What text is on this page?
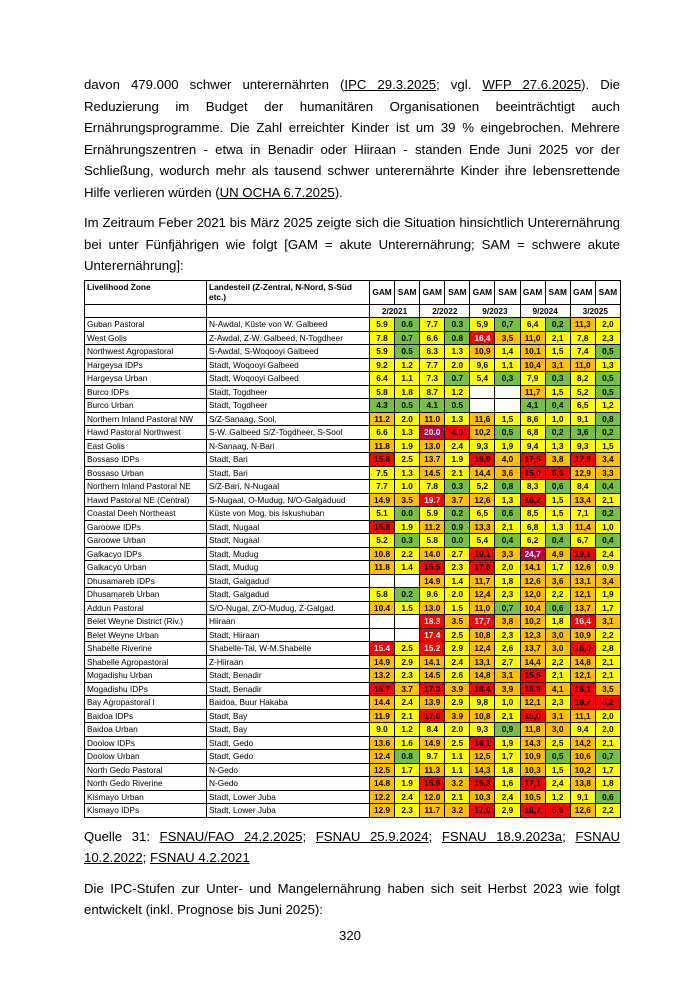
davon 479.000 schwer unterernährten (IPC 29.3.2025; vgl. WFP 27.6.2025). Die Reduzierung im Budget der humanitären Organisationen beeinträchtigt auch Ernährungsprogramme. Die Zahl erreichter Kinder ist um 39 % eingebrochen. Mehrere Ernährungszentren - etwa in Benadir oder Hiiraan - standen Ende Juni 2025 vor der Schließung, wodurch mehr als tausend schwer unterernährte Kinder ihre lebensrettende Hilfe verlieren würden (UN OCHA 6.7.2025).

Im Zeitraum Feber 2021 bis März 2025 zeigte sich die Situation hinsichtlich Unterernährung bei unter Fünfjährigen wie folgt [GAM = akute Unterernährung; SAM = schwere akute Unterernährung]:

Livelihood Zone	Landesteil (Z-Zentral, N-Nord, S-Süd etc.)	GAM	SAM	GAM	SAM	GAM	SAM	GAM	SAM	GAM	SAM
		2/2021		2/2022		9/2023		9/2024		3/2025	
Guban Pastoral	N-Awdal, Küste von W. Galbeed	5.9	0.6	7.7	0.3	5,9	0,7	6,4	0,2	11,3	2,0
West Golis	Z-Awdal, Z-W. Galbeed, N-Togdheer	7.8	0.7	6.6	0.8	16,4	3,5	11,0	2,1	7,8	2,3
Northwest Agropastoral	S-Awdal, S-Woqooyi Galbeed	5.9	0.5	6.3	1.3	10,9	1,4	10,1	1,5	7,4	0,5
Hargeysa IDPs	Stadt, Woqooyi Galbeed	9.2	1.2	7.7	2.0	9,6	1,1	10,4	3,1	11,0	1,3
Hargeysa Urban	Stadt, Woqooyi Galbeed	6.4	1.1	7.3	0.7	5,4	0,3	7,9	0,3	8,2	0,5
Burco IDPs	Stadt, Togdheer	5.8	1.8	8.7	1.2			11,7	1,5	5,2	0,5
Burco Urban	Stadt, Togdheer	4.3	0.5	4.1	0.5			4,1	0,4	6,5	1,2
Northern Inland Pastoral NW	S/Z-Sanaag, Sool,	11.2	2.0	11.0	1.3	11,6	1,5	8,6	1,0	9,1	0,8
Hawd Pastoral Northwest	S-W. Galbeed S/Z-Togdheer, S-Sool	6.6	1.3	20.0	4.0	10,2	0,5	6,8	0,2	3,6	0,2
East Golis	N-Sanaag, N-Bari	11.8	1.9	13.0	2.4	9,3	1,9	9,4	1,3	9,3	1,5
Bossaso IDPs	Stadt, Bari	15.8	2.5	13.7	1.9	18,9	4,0	17,5	3,8	17,9	3,4
Bossaso Urban	Stadt, Bari	7.5	1.3	14.5	2.1	14,4	3,6	15,0	5,6	12,9	3,3
Northern Inland Pastoral NE	S/Z-Bari, N-Nugaal	7.7	1.0	7.8	0.3	5,2	0,8	8,3	0,6	8,4	0,4
Hawd Pastoral NE (Central)	S-Nugaal, O-Mudug, N/O-Galgaduud	14.9	3.5	19.7	3.7	12,6	1,3	16,2	1,5	13,4	2,1
Coastal Deeh Northeast	Küste von Mog. bis Iskushuban	5.1	0.0	5.9	0.2	6,5	0,6	8,5	1,5	7,1	0,2
Garoowe IDPs	Stadt, Nugaal	15.8	1.9	11.2	0.9	13,3	2,1	6,8	1,3	11,4	1,0
Garoowe Urban	Stadt, Nugaal	5.2	0.3	5.8	0.0	5,4	0,4	6,2	0,4	6,7	0,4
Galkacyo IDPs	Stadt, Mudug	10.8	2.2	14.0	2.7	19,1	3,3	24,7	4,9	19,1	2,4
Galkacyo Urban	Stadt, Mudug	11.8	1.4	15.5	2.3	17,6	2,0	14,1	1,7	12,6	0,9
Dhusamareb IDPs	Stadt, Galgadud			14.9	1.4	11,7	1,8	12,6	3,6	13,1	3,4
Dhusamareb Urban	Stadt, Galgadud	5.8	0.2	9.6	2.0	12,4	2,3	12,0	2,2	12,1	1,9
Addun Pastoral	S/O-Nugal, Z/O-Mudug, Z-Galgad.	10.4	1.5	13.0	1.5	11,0	0,7	10,4	0,6	13,7	1,7
Belet Weyne District (Riv.)	Hiiraan			18.3	3.5	17,7	3,8	10,2	1,8	16,4	3,1
Belet Weyne Urban	Stadt, Hiiraan			17.4	2.5	10,8	2,3	12,3	3,0	10,9	2,2
Shabelle Riverine	Shabelle-Tal, W-M.Shabelle	15.4	2.5	15.2	2.9	12,4	2,6	13,7	3,0	16,0	2,8
Shabelle Agropastoral	Z-Hiiraan	14.9	2.9	14.1	2.4	13,1	2,7	14,4	2,2	14,8	2,1
Mogadishu Urban	Stadt, Benadir	13.2	2.3	14.5	2.6	14,8	3,1	15,5	2,1	12,1	2,1
Mogadishu IDPs	Stadt, Benadir	16.7	3.7	17.0	3.9	18,4	3,9	16,8	4,1	16,1	3,5
Bay Agropastoral I	Baidoa, Buur Hakaba	14.4	2.4	13.9	2.9	9,8	1,0	12,1	2,3	18,7	5,2
Baidoa IDPs	Stadt, Bay	11.9	2.1	17.0	3.9	10,8	2,1	15,0	3,1	11,1	2,0
Baidoa Urban	Stadt, Bay	9.0	1.2	8.4	2.0	9,3	0,9	11,8	3,0	9,4	2,0
Doolow IDPs	Stadt, Gedo	13.6	1.6	14.9	2.5	16,1	1,9	14,3	2,5	14,2	2,1
Doolow Urban	Stadt, Gedo	12.4	0.8	9.7	1.1	12,5	1,7	10,9	0,5	10,6	0,7
North Gedo Pastoral	N-Gedo	12.5	1.7	11.3	1.1	14,3	1,8	10,3	1,5	10,2	1,7
North Gedo Riverine	N-Gedo	14.8	1.9	15.6	3.2	15,3	1,6	17,1	2,4	13,8	1,8
Kismayo Urban	Stadt, Lower Juba	12.2	2.4	12.0	2.1	10,3	2,4	10,5	1,2	9,1	0,6
Kismayo IDPs	Stadt, Lower Juba	12.9	2.3	11.7	3.2	17,0	2,9	18,7	5,6	12,6	2,2

Quelle 31: FSNAU/FAO 24.2.2025; FSNAU 25.9.2024; FSNAU 18.9.2023a; FSNAU 10.2.2022; FSNAU 4.2.2021

Die IPC-Stufen zur Unter- und Mangelernährung haben sich seit Herbst 2023 wie folgt entwickelt (inkl. Prognose bis Juni 2025):

320
